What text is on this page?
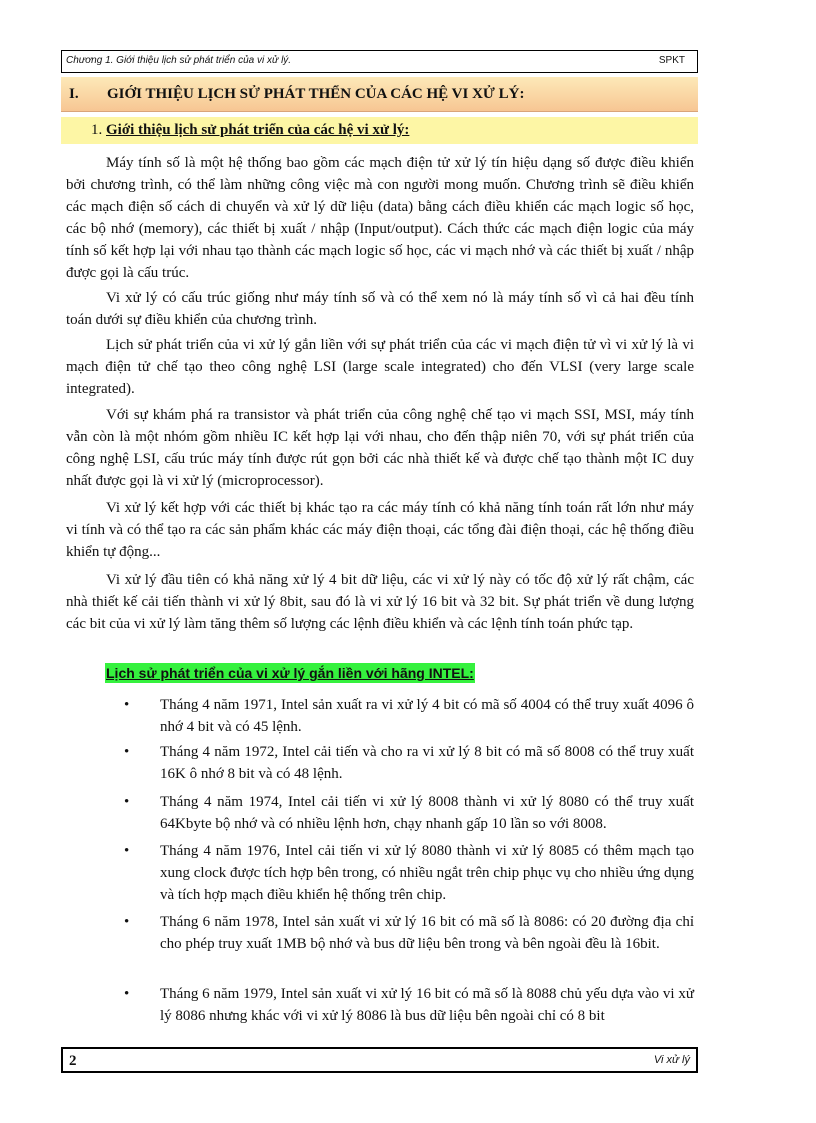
Chương 1. Giới thiệu lịch sử phát triển của vi xử lý.	SPKT
I. GIỚI THIỆU LỊCH SỬ PHÁT THỂN CỦA CÁC HỆ VI XỬ LÝ:
1. Giới thiệu lịch sử phát triển của các hệ vi xử lý:

Máy tính số là một hệ thống bao gồm các mạch điện tử xử lý tín hiệu dạng số được điều khiển bởi chương trình, có thể làm những công việc mà con người mong muốn. Chương trình sẽ điều khiển các mạch điện số cách di chuyển và xử lý dữ liệu (data) bằng cách điều khiển các mạch logic số học, các bộ nhớ (memory), các thiết bị xuất / nhập (Input/output). Cách thức các mạch điện logic của máy tính số kết hợp lại với nhau tạo thành các mạch logic số học, các vi mạch nhớ và các thiết bị xuất / nhập được gọi là cấu trúc.

Vi xử lý có cấu trúc giống như máy tính số và có thể xem nó là máy tính số vì cả hai đều tính toán dưới sự điều khiển của chương trình.

Lịch sử phát triển của vi xử lý gắn liền với sự phát triển của các vi mạch điện tử vì vi xử lý là vi mạch điện tử chế tạo theo công nghệ LSI (large scale integrated) cho đến VLSI (very large scale integrated).

Với sự khám phá ra transistor và phát triển của công nghệ chế tạo vi mạch SSI, MSI, máy tính vẫn còn là một nhóm gồm nhiều IC kết hợp lại với nhau, cho đến thập niên 70, với sự phát triển của công nghệ LSI, cấu trúc máy tính được rút gọn bởi các nhà thiết kế và được chế tạo thành một IC duy nhất được gọi là vi xử lý (microprocessor).

Vi xử lý kết hợp với các thiết bị khác tạo ra các máy tính có khả năng tính toán rất lớn như máy vi tính và có thể tạo ra các sản phẩm khác các máy điện thoại, các tổng đài điện thoại, các hệ thống điều khiển tự động...

Vi xử lý đầu tiên có khả năng xử lý 4 bit dữ liệu, các vi xử lý này có tốc độ xử lý rất chậm, các nhà thiết kế cải tiến thành vi xử lý 8bit, sau đó là vi xử lý 16 bit và 32 bit. Sự phát triển về dung lượng các bit của vi xử lý làm tăng thêm số lượng các lệnh điều khiển và các lệnh tính toán phức tạp.

Lịch sử phát triển của vi xử lý gắn liền với hãng INTEL:
•	Tháng 4 năm 1971, Intel sản xuất ra vi xử lý 4 bit có mã số 4004 có thể truy xuất 4096 ô nhớ 4 bit và có 45 lệnh.
•	Tháng 4 năm 1972, Intel cải tiến và cho ra vi xử lý 8 bit có mã số 8008 có thể truy xuất 16K ô nhớ 8 bit và có 48 lệnh.
•	Tháng 4 năm 1974, Intel cải tiến vi xử lý 8008 thành vi xử lý 8080 có thể truy xuất 64Kbyte bộ nhớ và có nhiều lệnh hơn, chạy nhanh gấp 10 lần so với 8008.
•	Tháng 4 năm 1976, Intel cải tiến vi xử lý 8080 thành vi xử lý 8085 có thêm mạch tạo xung clock được tích hợp bên trong, có nhiều ngắt trên chip phục vụ cho nhiều ứng dụng và tích hợp mạch điều khiển hệ thống trên chip.
•	Tháng 6 năm 1978, Intel sản xuất vi xử lý 16 bit có mã số là 8086: có 20 đường địa chỉ cho phép truy xuất 1MB bộ nhớ và bus dữ liệu bên trong và bên ngoài đều là 16bit.
•	Tháng 6 năm 1979, Intel sản xuất vi xử lý 16 bit có mã số là 8088 chủ yếu dựa vào vi xử lý 8086 nhưng khác với vi xử lý 8086 là bus dữ liệu bên ngoài chỉ có 8 bit
2	Vi xử lý
